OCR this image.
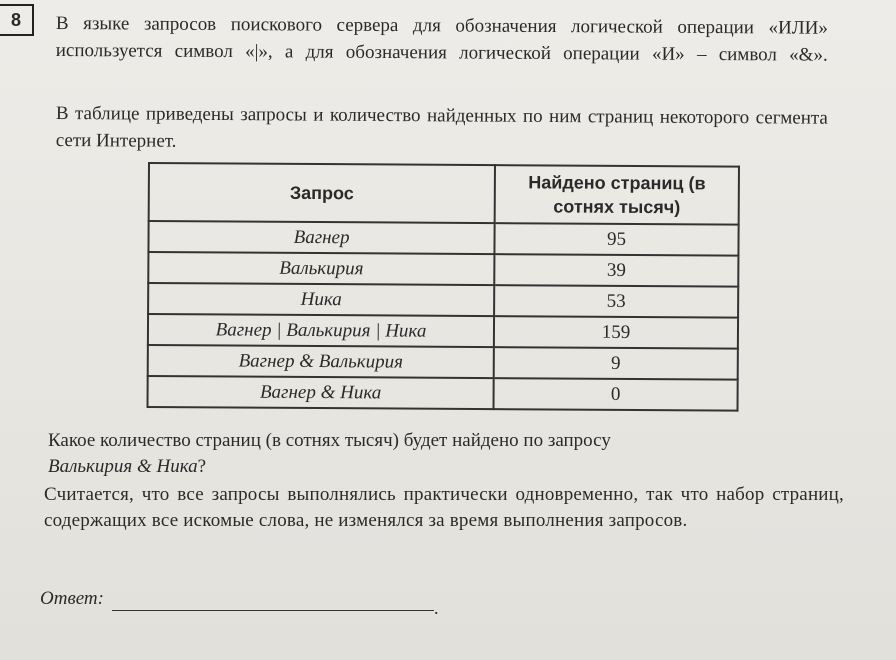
8	В языке запросов поискового сервера для обозначения логической операции «ИЛИ» используется символ «|», а для обозначения логической операции «И» – символ «&».
В таблице приведены запросы и количество найденных по ним страниц некоторого сегмента сети Интернет.
Запрос	Найдено страниц (в сотнях тысяч)
Вагнер	95
Валькирия	39
Ника	53
Вагнер | Валькирия | Ника	159
Вагнер & Валькирия	9
Вагнер & Ника	0
Какое количество страниц (в сотнях тысяч) будет найдено по запросу
Валькирия & Ника?
Считается, что все запросы выполнялись практически одновременно, так что набор страниц, содержащих все искомые слова, не изменялся за время выполнения запросов.
Ответ:	.
